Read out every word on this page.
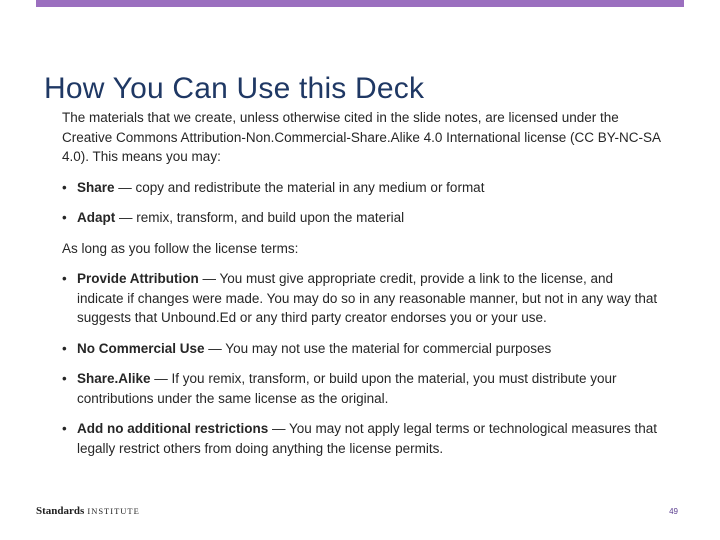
How You Can Use this Deck

The materials that we create, unless otherwise cited in the slide notes, are licensed under the Creative Commons Attribution-Non.Commercial-Share.Alike 4.0 International license (CC BY-NC-SA 4.0). This means you may:

• Share — copy and redistribute the material in any medium or format

• Adapt — remix, transform, and build upon the material

As long as you follow the license terms:

• Provide Attribution — You must give appropriate credit, provide a link to the license, and indicate if changes were made. You may do so in any reasonable manner, but not in any way that suggests that Unbound.Ed or any third party creator endorses you or your use.

• No Commercial Use — You may not use the material for commercial purposes

• Share.Alike — If you remix, transform, or build upon the material, you must distribute your contributions under the same license as the original.

• Add no additional restrictions — You may not apply legal terms or technological measures that legally restrict others from doing anything the license permits.

Standards INSTITUTE	49
